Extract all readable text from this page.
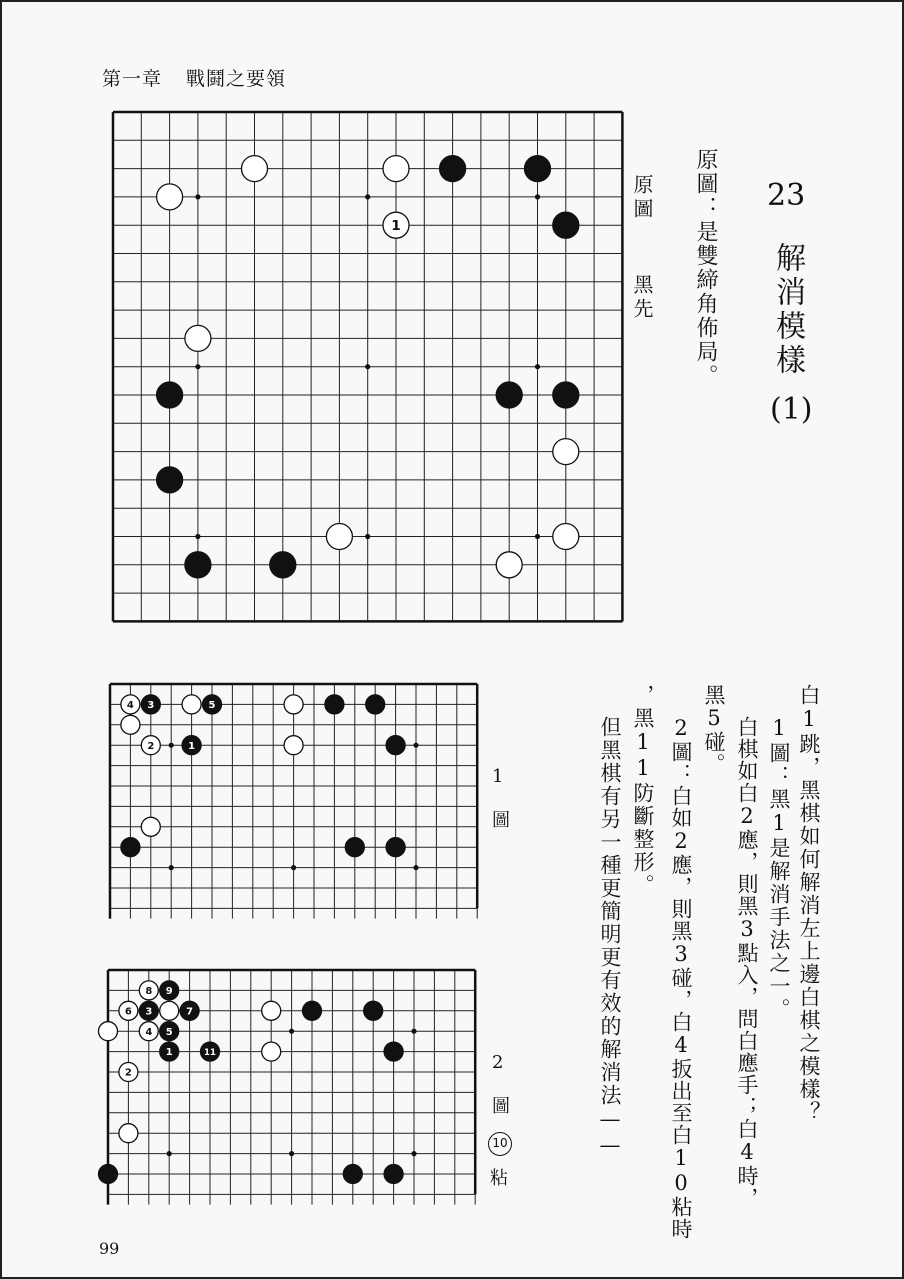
第一章 戰鬪之要領
1
原圖
黑先 原圖：是雙締角佈局。 23
解消模樣
(1)
4 3	5
2	1
1
圖
8 9
6 3	7
4 5
1	11
2
2
圖
10
粘
白1跳，黑棋如何解消左上邊白棋之模樣？
1圖：黑1是解消手法之一。
白棋如白2應，則黑3點入，問白應手；白4時，
黑5碰。
2圖：白如2應，則黑3碰，白4扳出至白10粘時
，黑11防斷整形。
但黑棋有另一種更簡明更有效的解消法——
99
